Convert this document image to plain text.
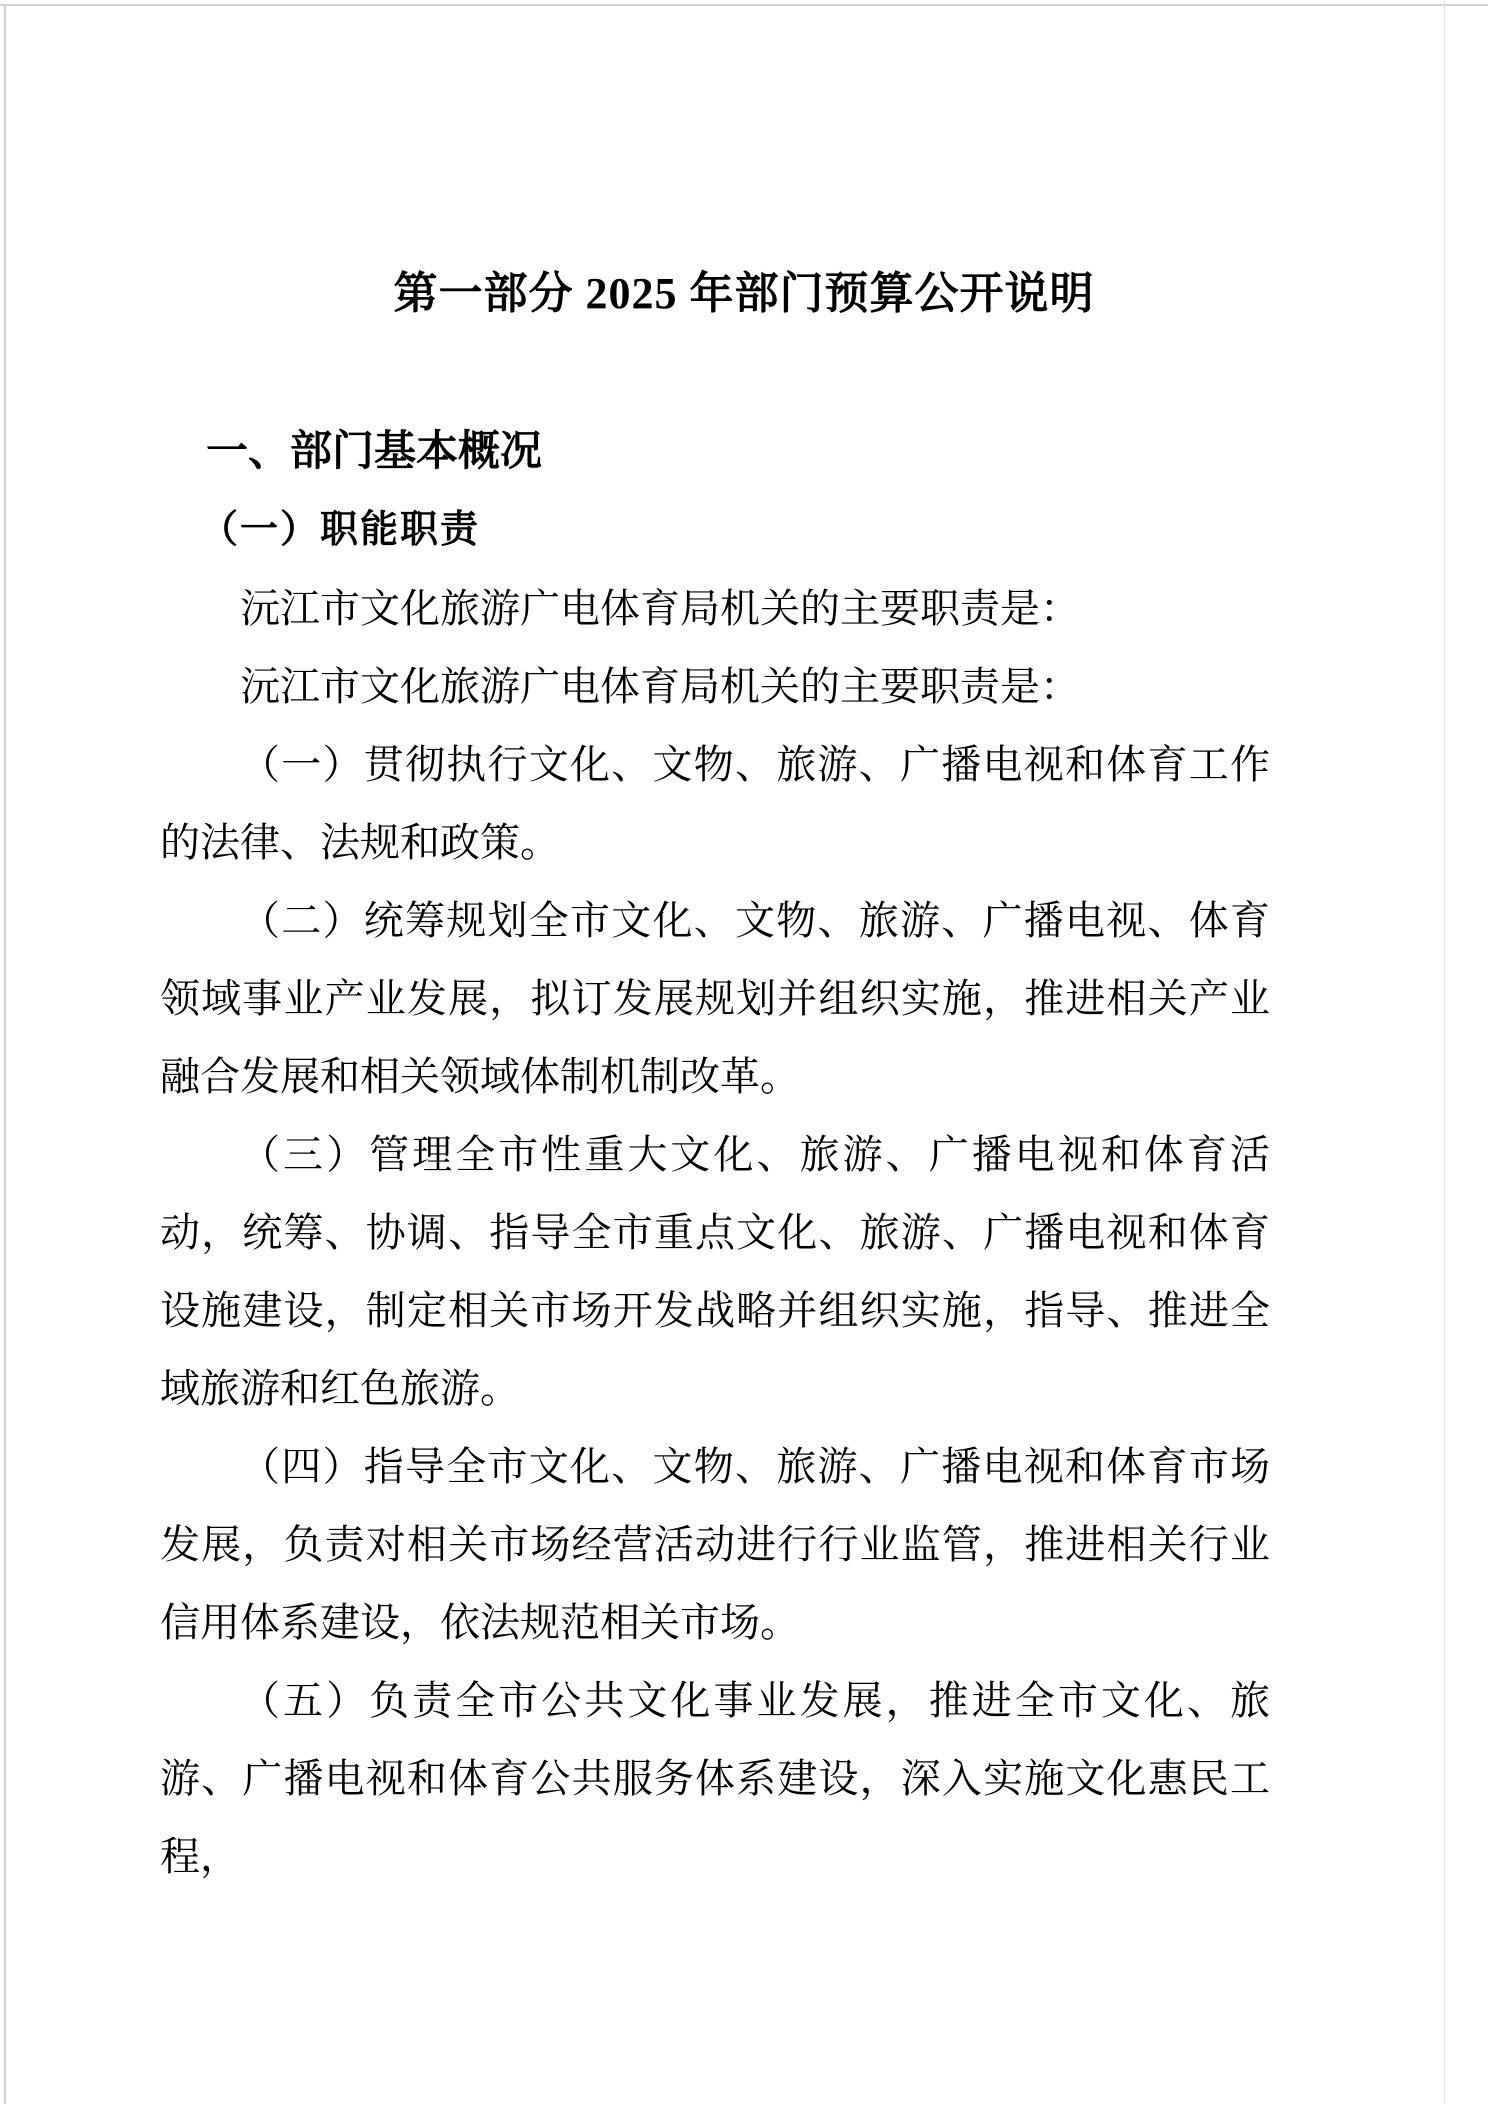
第一部分 2025 年部门预算公开说明
一、部门基本概况
（一）职能职责

沅江市文化旅游广电体育局机关的主要职责是：

沅江市文化旅游广电体育局机关的主要职责是：

（一）贯彻执行文化、文物、旅游、广播电视和体育工作的法律、法规和政策。

（二）统筹规划全市文化、文物、旅游、广播电视、体育领域事业产业发展，拟订发展规划并组织实施，推进相关产业融合发展和相关领域体制机制改革。

（三）管理全市性重大文化、旅游、广播电视和体育活动，统筹、协调、指导全市重点文化、旅游、广播电视和体育设施建设，制定相关市场开发战略并组织实施，指导、推进全域旅游和红色旅游。

（四）指导全市文化、文物、旅游、广播电视和体育市场发展，负责对相关市场经营活动进行行业监管，推进相关行业信用体系建设，依法规范相关市场。

（五）负责全市公共文化事业发展，推进全市文化、旅游、广播电视和体育公共服务体系建设，深入实施文化惠民工程，
